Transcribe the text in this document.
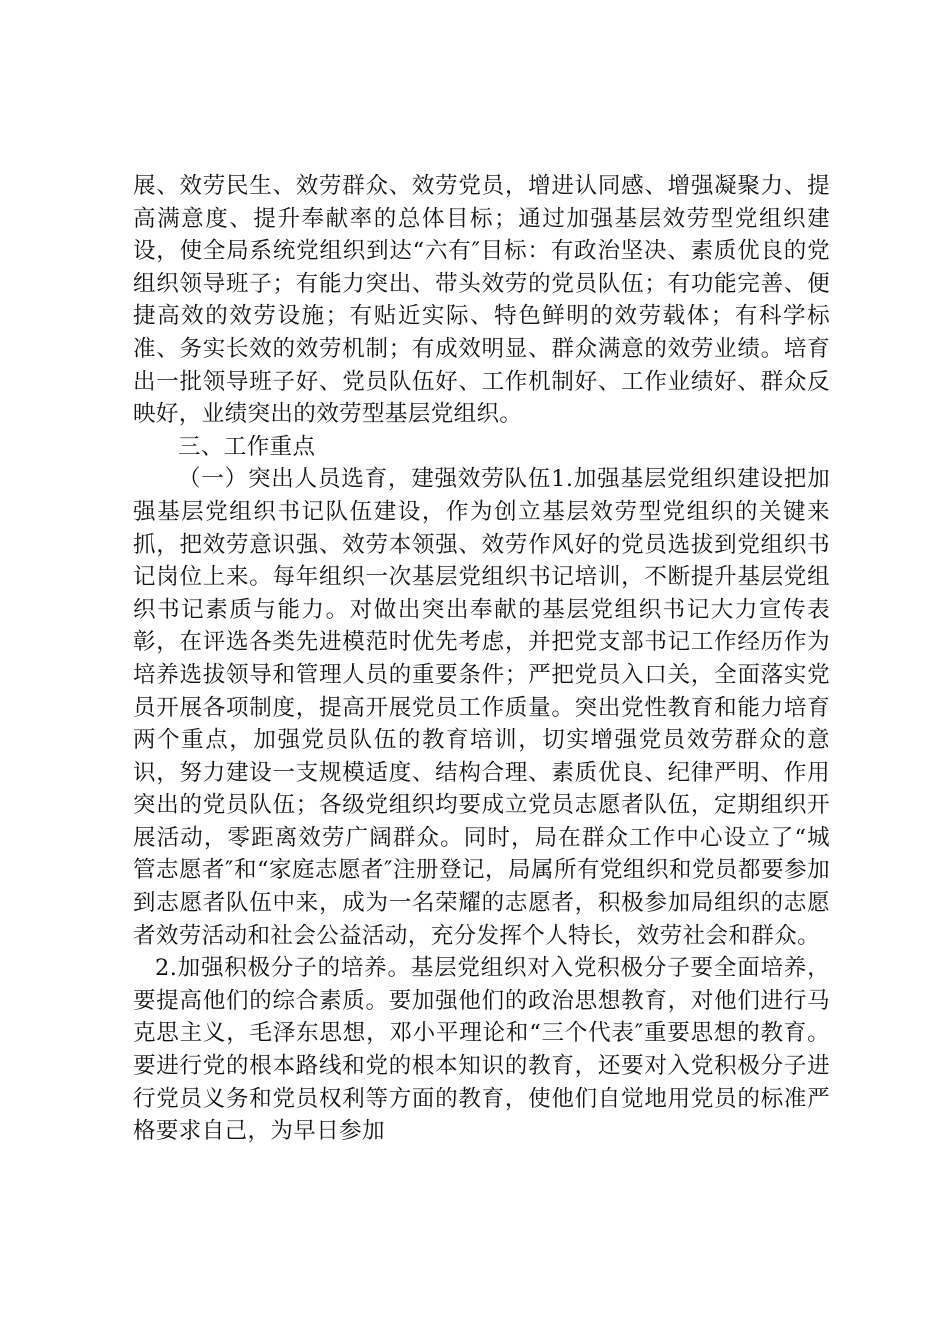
展、效劳民生、效劳群众、效劳党员，增进认同感、增强凝聚力、提高满意度、提升奉献率的总体目标；通过加强基层效劳型党组织建设，使全局系统党组织到达“六有″目标：有政治坚决、素质优良的党组织领导班子；有能力突出、带头效劳的党员队伍；有功能完善、便捷高效的效劳设施；有贴近实际、特色鲜明的效劳载体；有科学标准、务实长效的效劳机制；有成效明显、群众满意的效劳业绩。培育出一批领导班子好、党员队伍好、工作机制好、工作业绩好、群众反映好，业绩突出的效劳型基层党组织。

三、工作重点

（一）突出人员选育，建强效劳队伍1.加强基层党组织建设把加强基层党组织书记队伍建设，作为创立基层效劳型党组织的关键来抓，把效劳意识强、效劳本领强、效劳作风好的党员选拔到党组织书记岗位上来。每年组织一次基层党组织书记培训，不断提升基层党组织书记素质与能力。对做出突出奉献的基层党组织书记大力宣传表彰，在评选各类先进模范时优先考虑，并把党支部书记工作经历作为培养选拔领导和管理人员的重要条件；严把党员入口关，全面落实党员开展各项制度，提高开展党员工作质量。突出党性教育和能力培育两个重点，加强党员队伍的教育培训，切实增强党员效劳群众的意识，努力建设一支规模适度、结构合理、素质优良、纪律严明、作用突出的党员队伍；各级党组织均要成立党员志愿者队伍，定期组织开展活动，零距离效劳广阔群众。同时，局在群众工作中心设立了“城管志愿者″和“家庭志愿者″注册登记，局属所有党组织和党员都要参加到志愿者队伍中来，成为一名荣耀的志愿者，积极参加局组织的志愿者效劳活动和社会公益活动，充分发挥个人特长，效劳社会和群众。

2.加强积极分子的培养。基层党组织对入党积极分子要全面培养，要提高他们的综合素质。要加强他们的政治思想教育，对他们进行马克思主义，毛泽东思想，邓小平理论和“三个代表″重要思想的教育。要进行党的根本路线和党的根本知识的教育，还要对入党积极分子进行党员义务和党员权利等方面的教育，使他们自觉地用党员的标准严格要求自己，为早日参加
